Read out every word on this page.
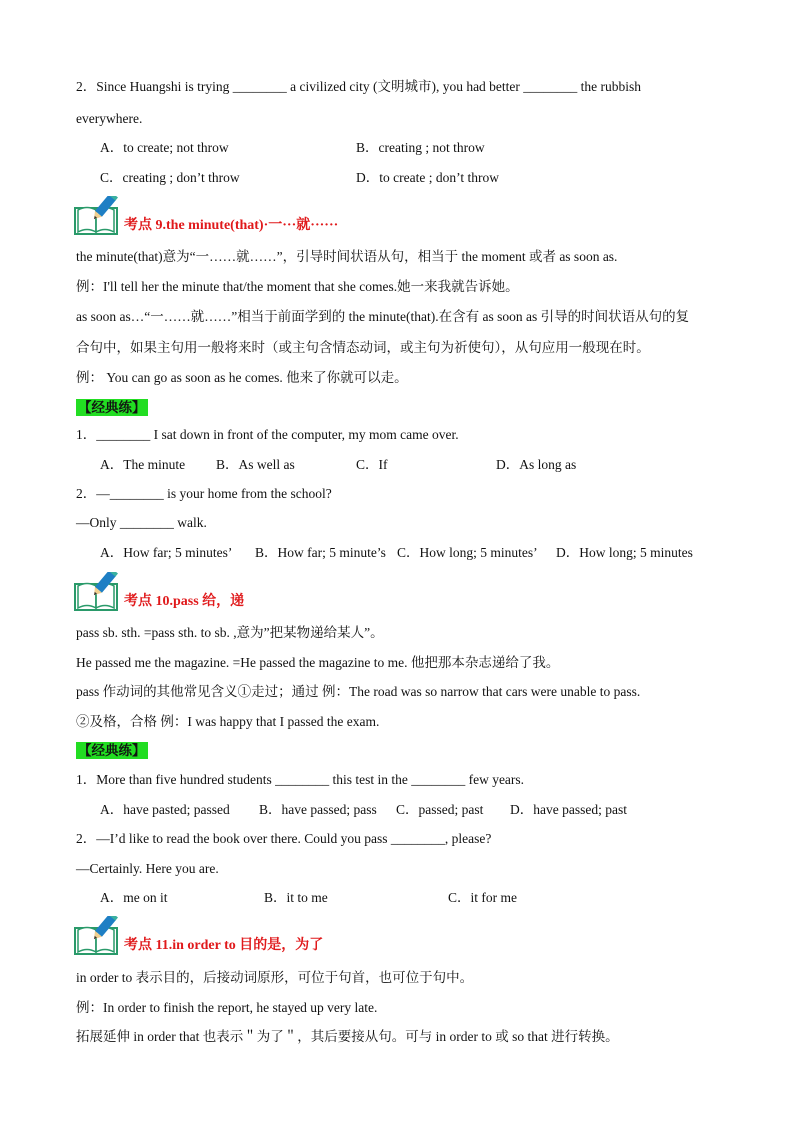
2．Since Huangshi is trying ________ a civilized city (文明城市), you had better ________ the rubbish
everywhere.
A．to create; not throw	B．creating ; not throw
C．creating ; don’t throw	D．to create ; don’t throw
考点 9.the minute(that)·一···就······
the minute(that)意为“一……就……”，引导时间状语从句，相当于 the moment 或者 as soon as.
例：I'll tell her the minute that/the moment that she comes.她一来我就告诉她。
as soon as…“一……就……”相当于前面学到的 the minute(that).在含有 as soon as 引导的时间状语从句的复
合句中，如果主句用一般将来时（或主句含情态动词，或主句为祈使句），从句应用一般现在时。
例： You can go as soon as he comes. 他来了你就可以走。
【经典练】
1．________ I sat down in front of the computer, my mom came over.
A．The minute B．As well as	C．If	D．As long as
2．—________ is your home from the school?
—Only ________ walk.
A．How far; 5 minutes’ B．How far; 5 minute’s C．How long; 5 minutes’ D．How long; 5 minutes
考点 10.pass 给，递
pass sb. sth. =pass sth. to sb. ,意为”把某物递给某人”。
He passed me the magazine. =He passed the magazine to me. 他把那本杂志递给了我。
pass 作动词的其他常见含义①走过；通过 例：The road was so narrow that cars were unable to pass.
②及格，合格 例：I was happy that I passed the exam.
【经典练】
1．More than five hundred students ________ this test in the ________ few years.
A．have pasted; passed B．have passed; pass C．passed; past D．have passed; past
2．—I’d like to read the book over there. Could you pass ________, please?
—Certainly. Here you are.
A．me on it	B．it to me	C．it for me
考点 11.in order to 目的是，为了
in order to 表示目的，后接动词原形，可位于句首，也可位于句中。
例：In order to finish the report, he stayed up very late.
拓展延伸 in order that 也表示＂为了＂，其后要接从句。可与 in order to 或 so that 进行转换。
